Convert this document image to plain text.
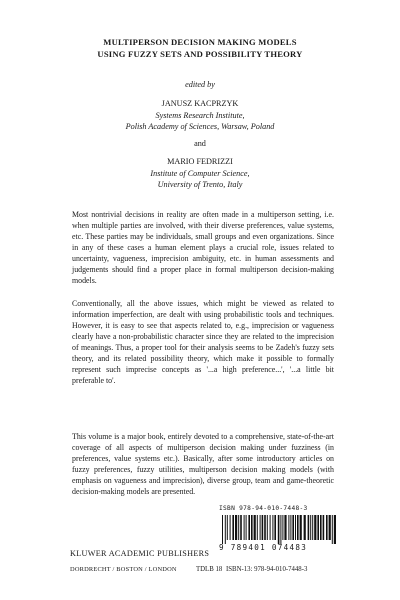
MULTIPERSON DECISION MAKING MODELS
USING FUZZY SETS AND POSSIBILITY THEORY
edited by
JANUSZ KACPRZYK
Systems Research Institute,
Polish Academy of Sciences, Warsaw, Poland
and
MARIO FEDRIZZI
Institute of Computer Science,
University of Trento, Italy
Most nontrivial decisions in reality are often made in a multiperson setting, i.e. when multiple parties are involved, with their diverse preferences, value systems, etc. These parties may be individuals, small groups and even organizations. Since in any of these cases a human element plays a crucial role, issues related to uncertainty, vagueness, imprecision ambiguity, etc. in human assessments and judgements should find a proper place in formal multiperson decision-making models.
Conventionally, all the above issues, which might be viewed as related to information imperfection, are dealt with using probabilistic tools and techniques. However, it is easy to see that aspects related to, e.g., imprecision or vagueness clearly have a non-probabilistic character since they are related to the imprecision of meanings. Thus, a proper tool for their analysis seems to be Zadeh's fuzzy sets theory, and its related possibility theory, which make it possible to formally represent such imprecise concepts as '...a high preference...', '...a little bit preferable to'.
This volume is a major book, entirely devoted to a comprehensive, state-of-the-art coverage of all aspects of multiperson decision making under fuzziness (in preferences, value systems etc.). Basically, after some introductory articles on fuzzy preferences, fuzzy utilities, multiperson decision making models (with emphasis on vagueness and imprecision), diverse group, team and game-theoretic decision-making models are presented.
ISBN 978-94-010-7448-3
9 789401 074483
KLUWER ACADEMIC PUBLISHERS
DORDRECHT / BOSTON / LONDON	TDLB 18 ISBN-13: 978-94-010-7448-3
